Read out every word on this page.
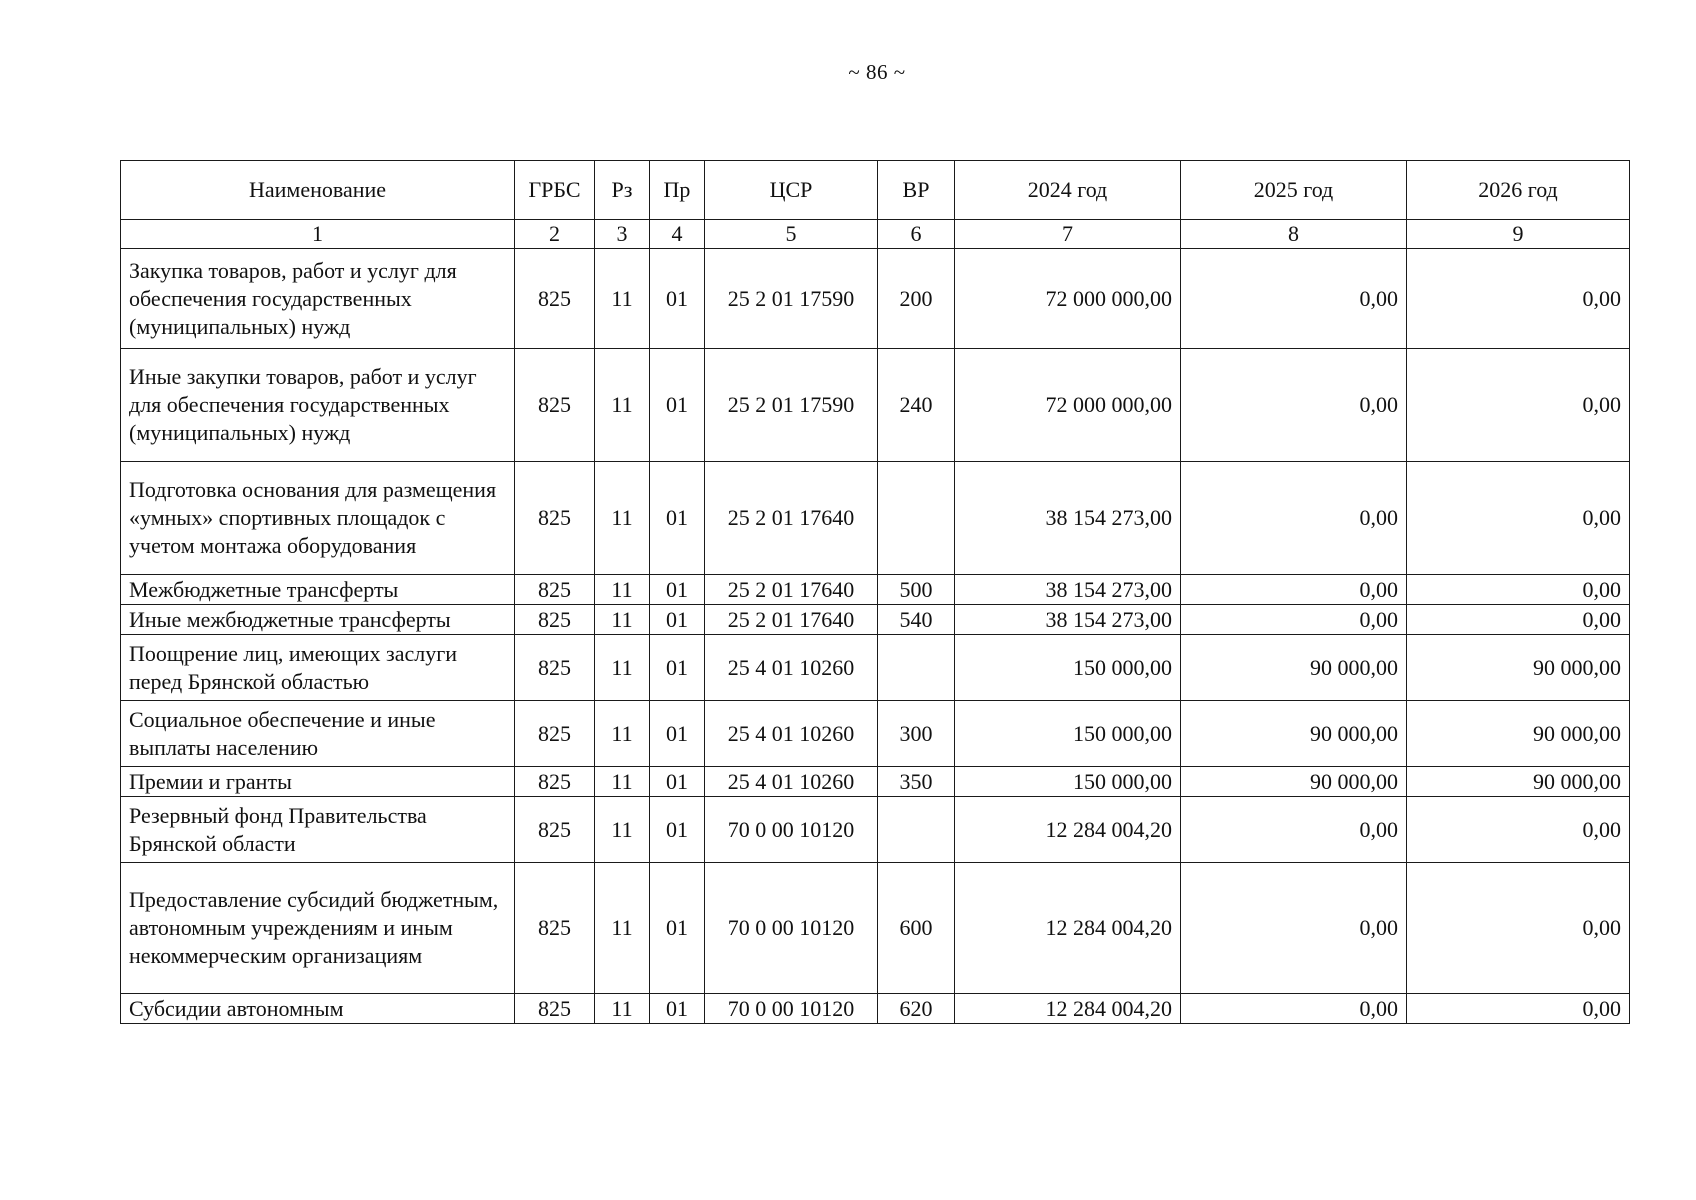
~ 86 ~
Наименование	ГРБС	Рз	Пр	ЦСР	ВР	2024 год	2025 год	2026 год
1	2	3	4	5	6	7	8	9
Закупка товаров, работ и услуг для обеспечения государственных (муниципальных) нужд	825	11	01	25 2 01 17590	200	72 000 000,00	0,00	0,00
Иные закупки товаров, работ и услуг для обеспечения государственных (муниципальных) нужд	825	11	01	25 2 01 17590	240	72 000 000,00	0,00	0,00
Подготовка основания для размещения «умных» спортивных площадок с учетом монтажа оборудования	825	11	01	25 2 01 17640		38 154 273,00	0,00	0,00
Межбюджетные трансферты	825	11	01	25 2 01 17640	500	38 154 273,00	0,00	0,00
Иные межбюджетные трансферты	825	11	01	25 2 01 17640	540	38 154 273,00	0,00	0,00
Поощрение лиц, имеющих заслуги перед Брянской областью	825	11	01	25 4 01 10260		150 000,00	90 000,00	90 000,00
Социальное обеспечение и иные выплаты населению	825	11	01	25 4 01 10260	300	150 000,00	90 000,00	90 000,00
Премии и гранты	825	11	01	25 4 01 10260	350	150 000,00	90 000,00	90 000,00
Резервный фонд Правительства Брянской области	825	11	01	70 0 00 10120		12 284 004,20	0,00	0,00
Предоставление субсидий бюджетным, автономным учреждениям и иным некоммерческим организациям	825	11	01	70 0 00 10120	600	12 284 004,20	0,00	0,00
Субсидии автономным	825	11	01	70 0 00 10120	620	12 284 004,20	0,00	0,00
